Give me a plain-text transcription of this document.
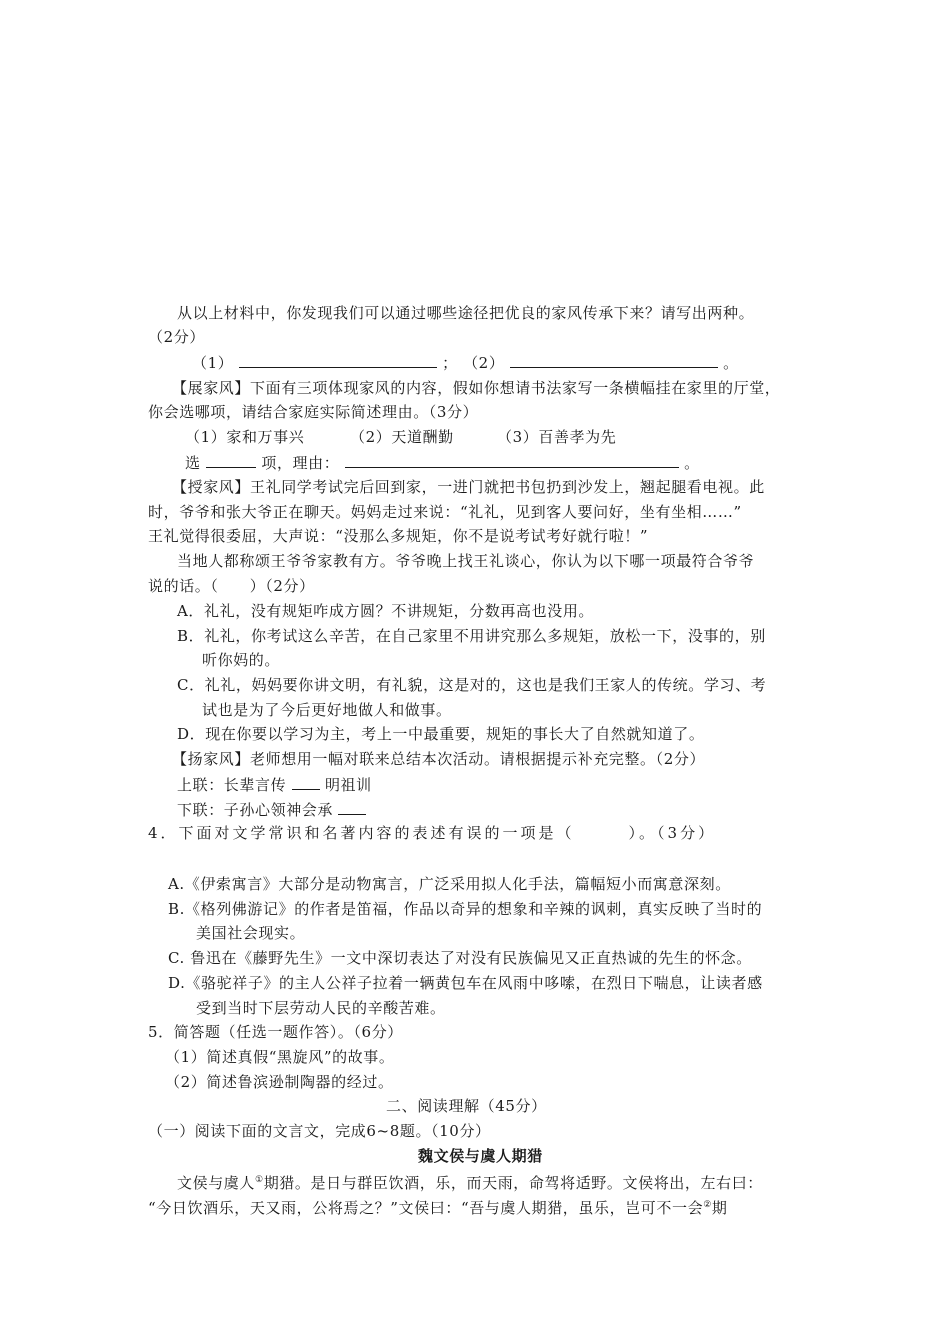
从以上材料中，你发现我们可以通过哪些途径把优良的家风传承下来？请写出两种。
（2分）
（1）	； （2）	。
【展家风】下面有三项体现家风的内容，假如你想请书法家写一条横幅挂在家里的厅堂，
你会选哪项，请结合家庭实际简述理由。（3分）
（1）家和万事兴	（2）天道酬勤	（3）百善孝为先
选	项，理由：	。
【授家风】王礼同学考试完后回到家，一进门就把书包扔到沙发上，翘起腿看电视。此
时，爷爷和张大爷正在聊天。妈妈走过来说：“礼礼，见到客人要问好，坐有坐相……”
王礼觉得很委屈，大声说：“没那么多规矩，你不是说考试考好就行啦！”
当地人都称颂王爷爷家教有方。爷爷晚上找王礼谈心，你认为以下哪一项最符合爷爷
说的话。（　　）（2分）
A．礼礼，没有规矩咋成方圆？不讲规矩，分数再高也没用。
B．礼礼，你考试这么辛苦，在自己家里不用讲究那么多规矩，放松一下，没事的，别
听你妈的。
C．礼礼，妈妈要你讲文明，有礼貌，这是对的，这也是我们王家人的传统。学习、考
试也是为了今后更好地做人和做事。
D．现在你要以学习为主，考上一中最重要，规矩的事长大了自然就知道了。
【扬家风】老师想用一幅对联来总结本次活动。请根据提示补充完整。（2分）
上联：长辈言传	明祖训
下联：子孙心领神会承
4．下面对文学常识和名著内容的表述有误的一项是（　　　）。（3分）
A.《伊索寓言》大部分是动物寓言，广泛采用拟人化手法，篇幅短小而寓意深刻。
B.《格列佛游记》的作者是笛福，作品以奇异的想象和辛辣的讽刺，真实反映了当时的
美国社会现实。
C. 鲁迅在《藤野先生》一文中深切表达了对没有民族偏见又正直热诚的先生的怀念。
D.《骆驼祥子》的主人公祥子拉着一辆黄包车在风雨中哆嗦，在烈日下喘息，让读者感
受到当时下层劳动人民的辛酸苦难。
5．简答题（任选一题作答）。（6分）
（1）简述真假“黑旋风”的故事。
（2）简述鲁滨逊制陶器的经过。
二、阅读理解（45分）
（一）阅读下面的文言文，完成6~8题。（10分）
魏文侯与虞人期猎
文侯与虞人①期猎。是日与群臣饮酒，乐，而天雨，命驾将适野。文侯将出，左右曰：
“今日饮酒乐，天又雨，公将焉之？”文侯曰：“吾与虞人期猎，虽乐，岂可不一会②期
